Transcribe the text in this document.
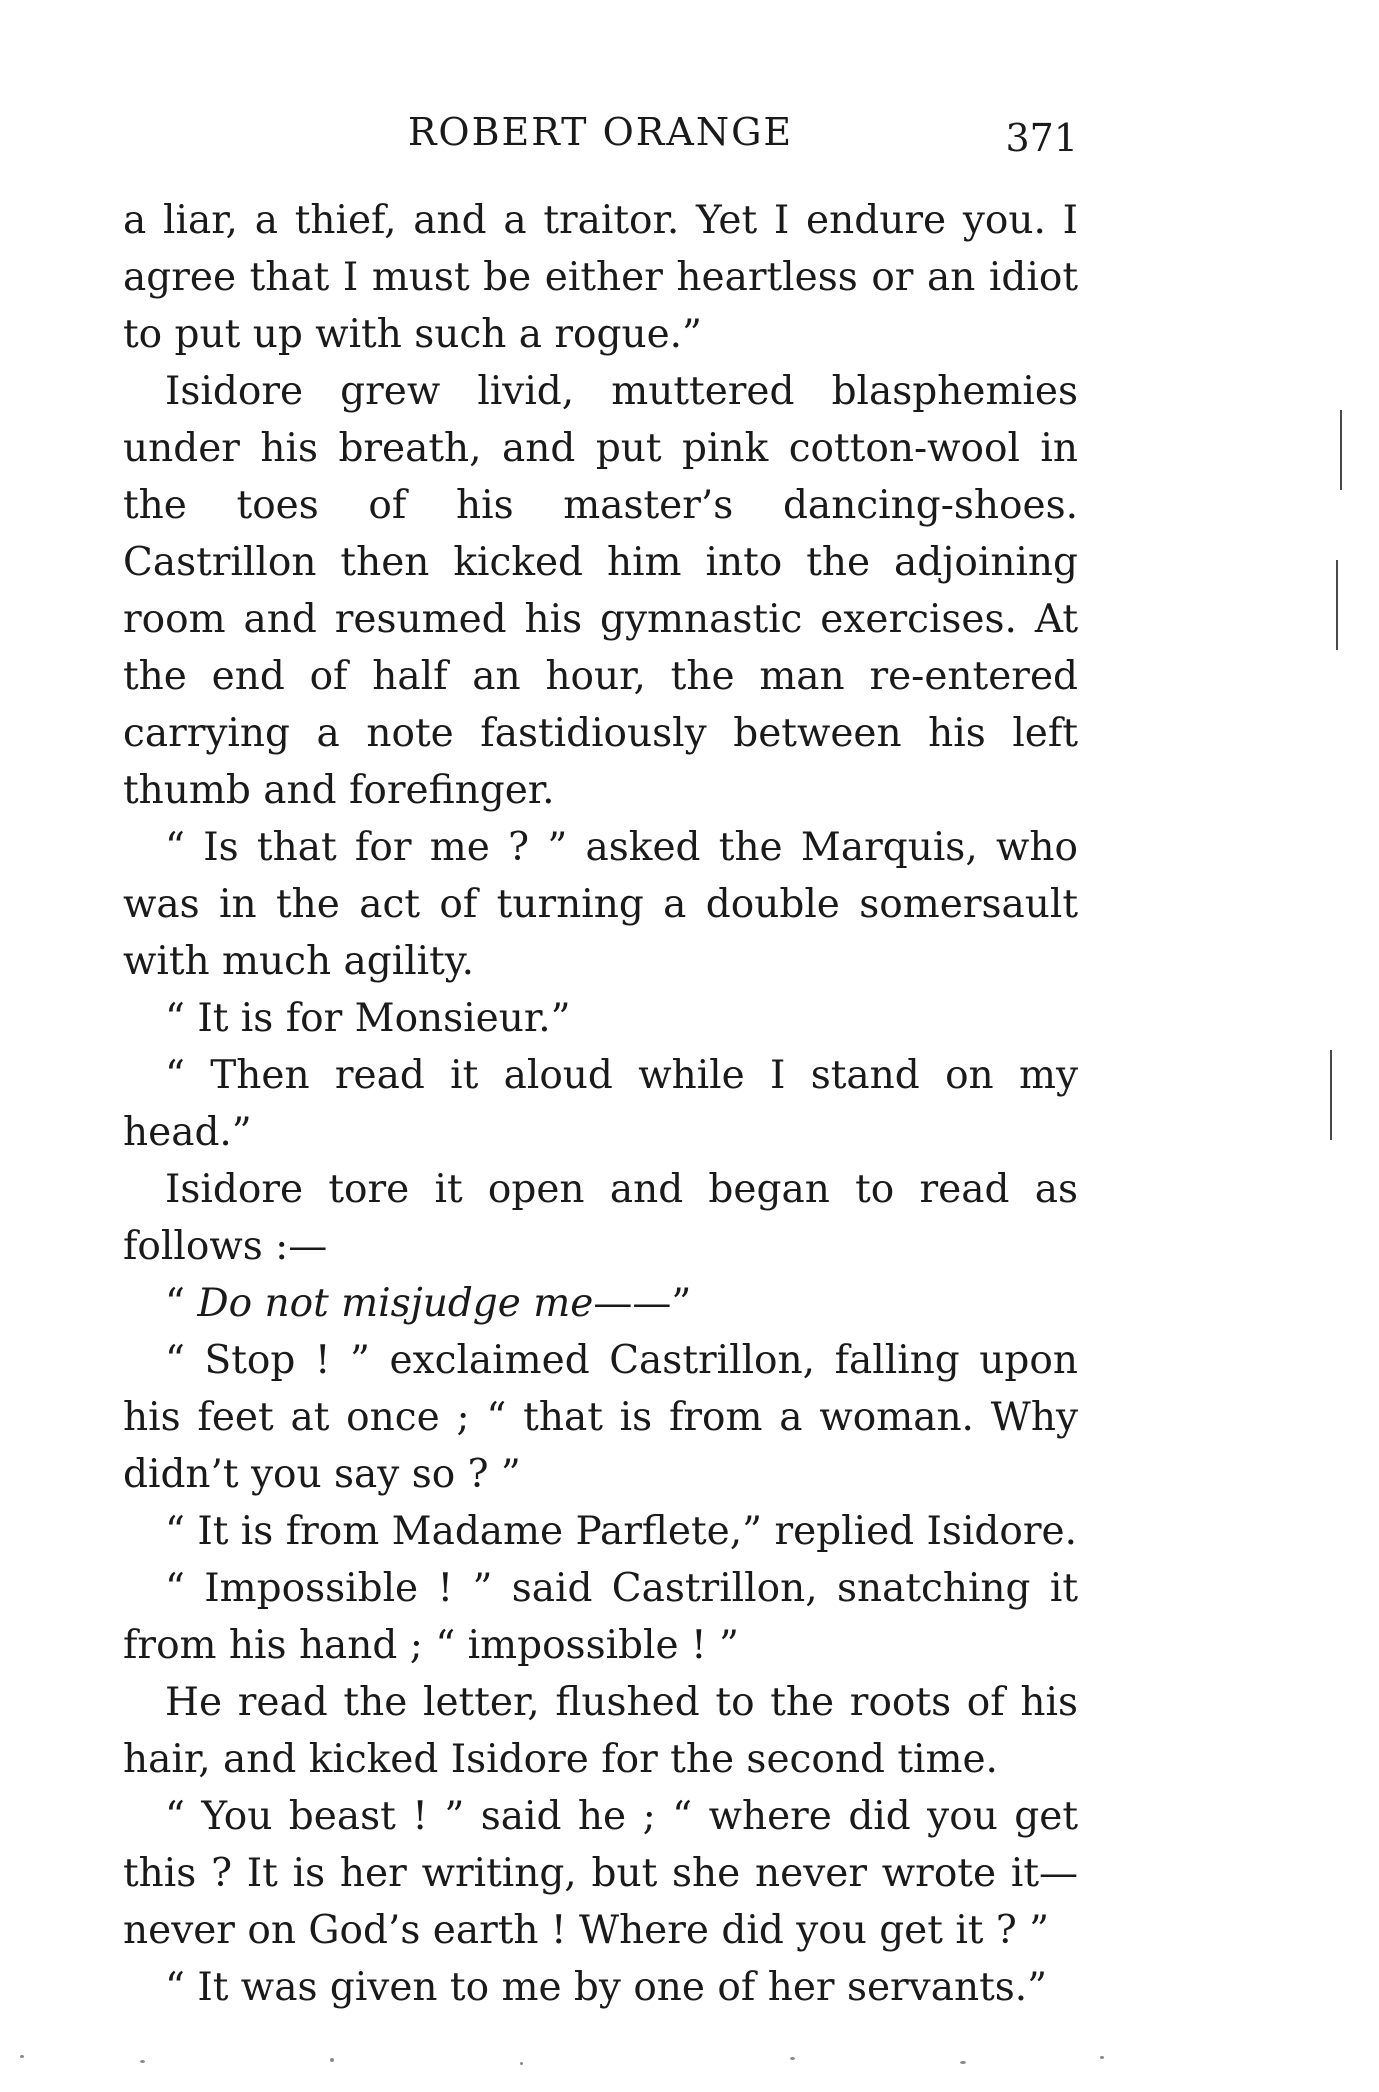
ROBERT ORANGE	371

a liar, a thief, and a traitor. Yet I endure you. I agree that I must be either heartless or an idiot to put up with such a rogue.”

Isidore grew livid, muttered blasphemies under his breath, and put pink cotton-wool in the toes of his master’s dancing-shoes. Castrillon then kicked him into the adjoining room and resumed his gymnastic exercises. At the end of half an hour, the man re-entered carrying a note fastidiously between his left thumb and forefinger.

“ Is that for me ? ” asked the Marquis, who was in the act of turning a double somersault with much agility.

“ It is for Monsieur.”

“ Then read it aloud while I stand on my head.”

Isidore tore it open and began to read as follows :—

“ Do not misjudge me——”

“ Stop ! ” exclaimed Castrillon, falling upon his feet at once ; “ that is from a woman. Why didn’t you say so ? ”

“ It is from Madame Parflete,” replied Isidore.

“ Impossible ! ” said Castrillon, snatching it from his hand ; “ impossible ! ”

He read the letter, flushed to the roots of his hair, and kicked Isidore for the second time.

“ You beast ! ” said he ; “ where did you get this ? It is her writing, but she never wrote it—never on God’s earth ! Where did you get it ? ”

“ It was given to me by one of her servants.”
